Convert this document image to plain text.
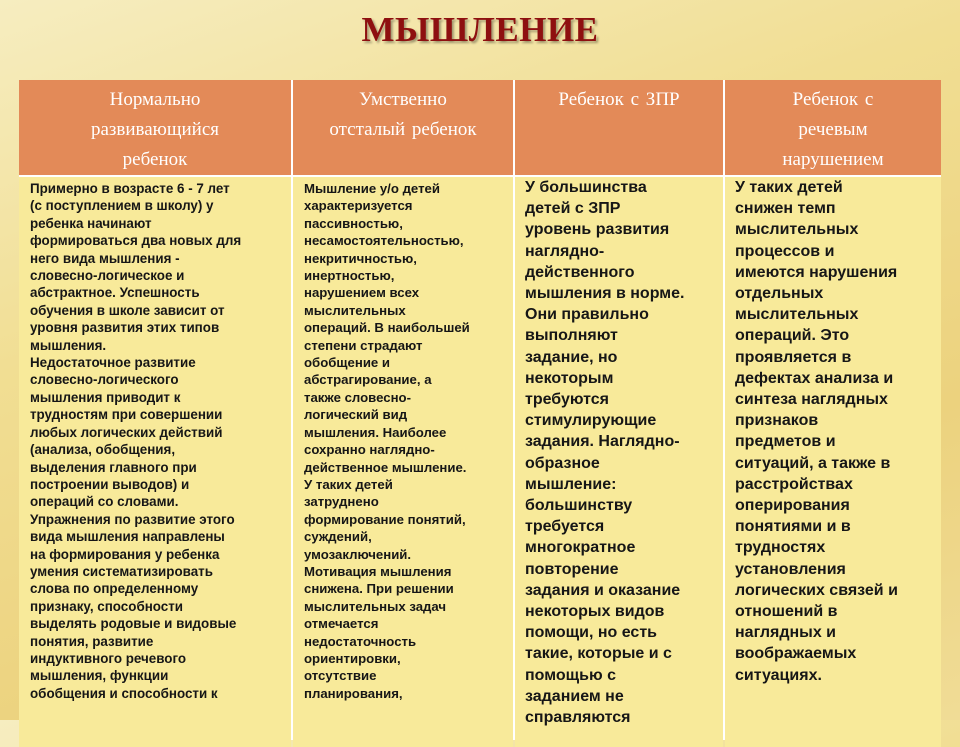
МЫШЛЕНИЕ
Нормально
развивающийся
ребенок
Умственно
отсталый ребенок
Ребенок с ЗПР	Ребенок с
речевым
нарушением
Примерно в возрасте 6 - 7 лет
(с поступлением в школу) у
ребенка начинают
формироваться два новых для
него вида мышления -
словесно-логическое и
абстрактное. Успешность
обучения в школе зависит от
уровня развития этих типов
мышления.
Недостаточное развитие
словесно-логического
мышления приводит к
трудностям при совершении
любых логических действий
(анализа, обобщения,
выделения главного при
построении выводов) и
операций со словами.
Упражнения по развитие этого
вида мышления направлены
на формирования у ребенка
умения систематизировать
слова по определенному
признаку, способности
выделять родовые и видовые
понятия, развитие
индуктивного речевого
мышления, функции
обобщения и способности к
Мышление у/о детей
характеризуется
пассивностью,
несамостоятельностью,
некритичностью,
инертностью,
нарушением всех
мыслительных
операций. В наибольшей
степени страдают
обобщение и
абстрагирование, а
также словесно-
логический вид
мышления. Наиболее
сохранно наглядно-
действенное мышление.
У таких детей
затруднено
формирование понятий,
суждений,
умозаключений.
Мотивация мышления
снижена. При решении
мыслительных задач
отмечается
недостаточность
ориентировки,
отсутствие
планирования,
У большинства
детей с ЗПР
уровень развития
наглядно-
действенного
мышления в норме.
Они правильно
выполняют
задание, но
некоторым
требуются
стимулирующие
задания. Наглядно-
образное
мышление:
большинству
требуется
многократное
повторение
задания и оказание
некоторых видов
помощи, но есть
такие, которые и с
помощью с
заданием не
справляются
У таких детей
снижен темп
мыслительных
процессов и
имеются нарушения
отдельных
мыслительных
операций. Это
проявляется в
дефектах анализа и
синтеза наглядных
признаков
предметов и
ситуаций, а также в
расстройствах
оперирования
понятиями и в
трудностях
установления
логических связей и
отношений в
наглядных и
воображаемых
ситуациях.
